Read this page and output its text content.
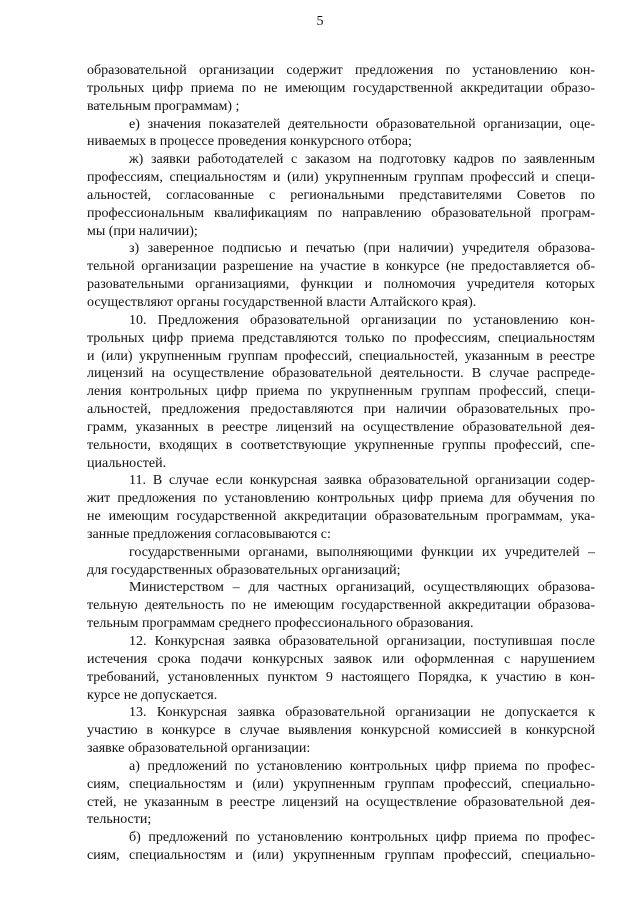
5
образовательной организации содержит предложения по установлению кон-
трольных цифр приема по не имеющим государственной аккредитации образо-
вательным программам) ;
е) значения показателей деятельности образовательной организации, оце-
ниваемых в процессе проведения конкурсного отбора;
ж) заявки работодателей с заказом на подготовку кадров по заявленным
профессиям, специальностям и (или) укрупненным группам профессий и специ-
альностей, согласованные с региональными представителями Советов по
профессиональным квалификациям по направлению образовательной програм-
мы (при наличии);
з) заверенное подписью и печатью (при наличии) учредителя образова-
тельной организации разрешение на участие в конкурсе (не предоставляется об-
разовательными организациями, функции и полномочия учредителя которых
осуществляют органы государственной власти Алтайского края).
10. Предложения образовательной организации по установлению кон-
трольных цифр приема представляются только по профессиям, специальностям
и (или) укрупненным группам профессий, специальностей, указанным в реестре
лицензий на осуществление образовательной деятельности. В случае распреде-
ления контрольных цифр приема по укрупненным группам профессий, специ-
альностей, предложения предоставляются при наличии образовательных про-
грамм, указанных в реестре лицензий на осуществление образовательной дея-
тельности, входящих в соответствующие укрупненные группы профессий, спе-
циальностей.
11. В случае если конкурсная заявка образовательной организации содер-
жит предложения по установлению контрольных цифр приема для обучения по
не имеющим государственной аккредитации образовательным программам, ука-
занные предложения согласовываются с:
государственными органами, выполняющими функции их учредителей –
для государственных образовательных организаций;
Министерством – для частных организаций, осуществляющих образова-
тельную деятельность по не имеющим государственной аккредитации образова-
тельным программам среднего профессионального образования.
12. Конкурсная заявка образовательной организации, поступившая после
истечения срока подачи конкурсных заявок или оформленная с нарушением
требований, установленных пунктом 9 настоящего Порядка, к участию в кон-
курсе не допускается.
13. Конкурсная заявка образовательной организации не допускается к
участию в конкурсе в случае выявления конкурсной комиссией в конкурсной
заявке образовательной организации:
а) предложений по установлению контрольных цифр приема по профес-
сиям, специальностям и (или) укрупненным группам профессий, специально-
стей, не указанным в реестре лицензий на осуществление образовательной дея-
тельности;
б) предложений по установлению контрольных цифр приема по профес-
сиям, специальностям и (или) укрупненным группам профессий, специально-
